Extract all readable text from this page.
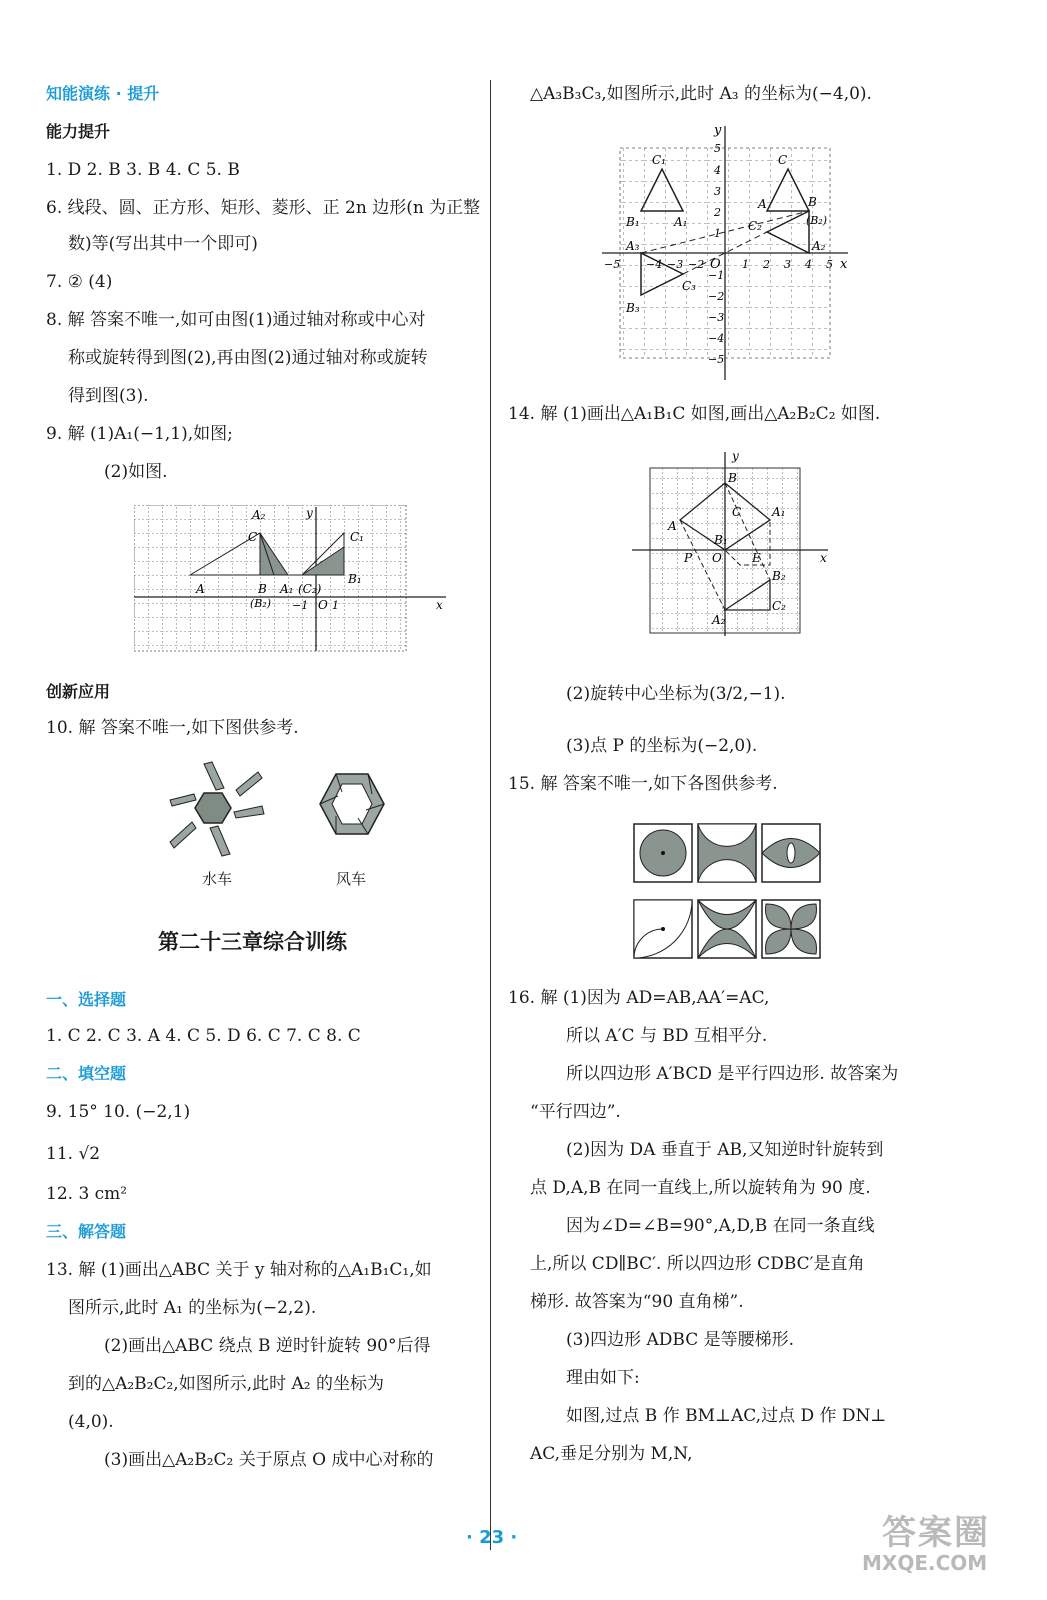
知能演练 · 提升
能力提升
1. D 2. B 3. B 4. C 5. B
6. 线段、圆、正方形、矩形、菱形、正 2n 边形(n 为正整
数)等(写出其中一个即可)
7. ② (4)
8. 解 答案不唯一,如可由图(1)通过轴对称或中心对
称或旋转得到图(2),再由图(2)通过轴对称或旋转
得到图(3).
9. 解 (1)A₁(−1,1),如图;
(2)如图.
A₂
C	C₁
A	B A₁ (C₂)
B₁
(B₂) −1 O 1
y
x
创新应用
10. 解 答案不唯一,如下图供参考.
水车	风车
第二十三章综合训练
一、选择题
1. C 2. C 3. A 4. C 5. D 6. C 7. C 8. C
二、填空题
9. 15° 10. (−2,1)
11. √2
12. 3 cm²
三、解答题
13. 解 (1)画出△ABC 关于 y 轴对称的△A₁B₁C₁,如
图所示,此时 A₁ 的坐标为(−2,2).
(2)画出△ABC 绕点 B 逆时针旋转 90°后得
到的△A₂B₂C₂,如图所示,此时 A₂ 的坐标为
(4,0).
(3)画出△A₂B₂C₂ 关于原点 O 成中心对称的
△A₃B₃C₃,如图所示,此时 A₃ 的坐标为(−4,0).
y
x
O
C₁	C
A₁
A	B
B₁	(B₂)
C₂
A₂
A₃
B₃
C₃
5
4
3
2
1
−1
−2
−3
−4
−5
−5 −4 −3 −2	1 2 3 4 5
14. 解 (1)画出△A₁B₁C 如图,画出△A₂B₂C₂ 如图.
y
x
B
A
A₁
C
P O
B₁
E
B₂
C₂
A₂
(2)旋转中心坐标为(3/2,−1).
(3)点 P 的坐标为(−2,0).
15. 解 答案不唯一,如下各图供参考.
16. 解 (1)因为 AD=AB,AA′=AC,
所以 A′C 与 BD 互相平分.
所以四边形 A′BCD 是平行四边形. 故答案为
“平行四边”.
(2)因为 DA 垂直于 AB,又知逆时针旋转到
点 D,A,B 在同一直线上,所以旋转角为 90 度.
因为∠D=∠B=90°,A,D,B 在同一条直线
上,所以 CD∥BC′. 所以四边形 CDBC′是直角
梯形. 故答案为“90 直角梯”.
(3)四边形 ADBC 是等腰梯形.
理由如下:
如图,过点 B 作 BM⊥AC,过点 D 作 DN⊥
AC,垂足分别为 M,N,
· 23 ·	答案圈
MXQE.COM
